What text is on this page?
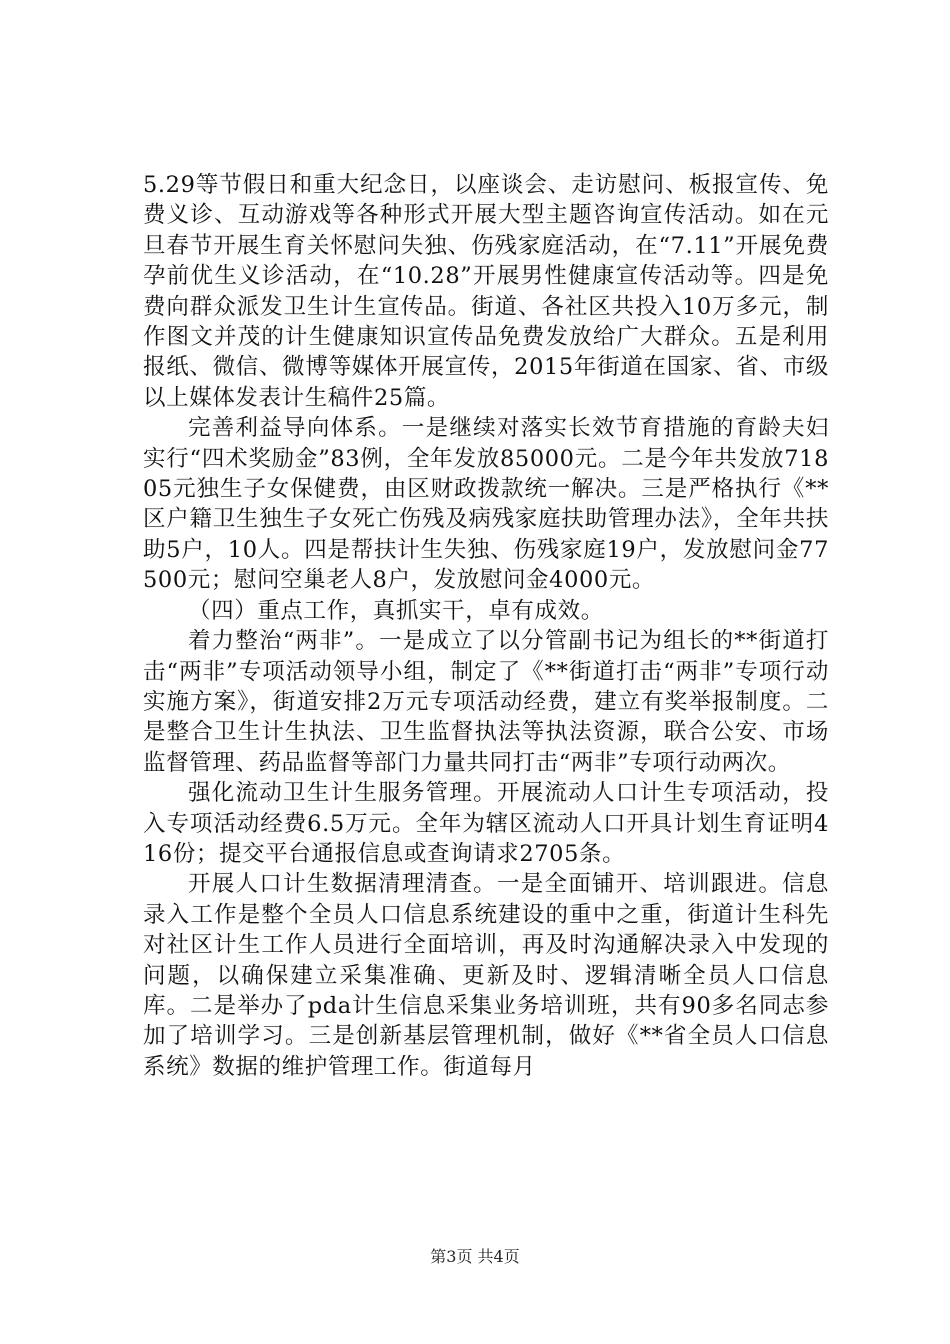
5.29等节假日和重大纪念日，以座谈会、走访慰问、板报宣传、免费义诊、互动游戏等各种形式开展大型主题咨询宣传活动。如在元旦春节开展生育关怀慰问失独、伤残家庭活动，在“7.11”开展免费孕前优生义诊活动，在“10.28”开展男性健康宣传活动等。四是免费向群众派发卫生计生宣传品。街道、各社区共投入10万多元，制作图文并茂的计生健康知识宣传品免费发放给广大群众。五是利用报纸、微信、微博等媒体开展宣传，2015年街道在国家、省、市级以上媒体发表计生稿件25篇。

完善利益导向体系。一是继续对落实长效节育措施的育龄夫妇实行“四术奖励金”83例，全年发放85000元。二是今年共发放71805元独生子女保健费，由区财政拨款统一解决。三是严格执行《**区户籍卫生独生子女死亡伤残及病残家庭扶助管理办法》，全年共扶助5户，10人。四是帮扶计生失独、伤残家庭19户，发放慰问金77500元；慰问空巢老人8户，发放慰问金4000元。

（四）重点工作，真抓实干，卓有成效。

着力整治“两非”。一是成立了以分管副书记为组长的**街道打击“两非”专项活动领导小组，制定了《**街道打击“两非”专项行动实施方案》，街道安排2万元专项活动经费，建立有奖举报制度。二是整合卫生计生执法、卫生监督执法等执法资源，联合公安、市场监督管理、药品监督等部门力量共同打击“两非”专项行动两次。

强化流动卫生计生服务管理。开展流动人口计生专项活动，投入专项活动经费6.5万元。全年为辖区流动人口开具计划生育证明416份；提交平台通报信息或查询请求2705条。

开展人口计生数据清理清查。一是全面铺开、培训跟进。信息录入工作是整个全员人口信息系统建设的重中之重，街道计生科先对社区计生工作人员进行全面培训，再及时沟通解决录入中发现的问题，以确保建立采集准确、更新及时、逻辑清晰全员人口信息库。二是举办了pda计生信息采集业务培训班，共有90多名同志参加了培训学习。三是创新基层管理机制，做好《**省全员人口信息系统》数据的维护管理工作。街道每月

第3页 共4页
